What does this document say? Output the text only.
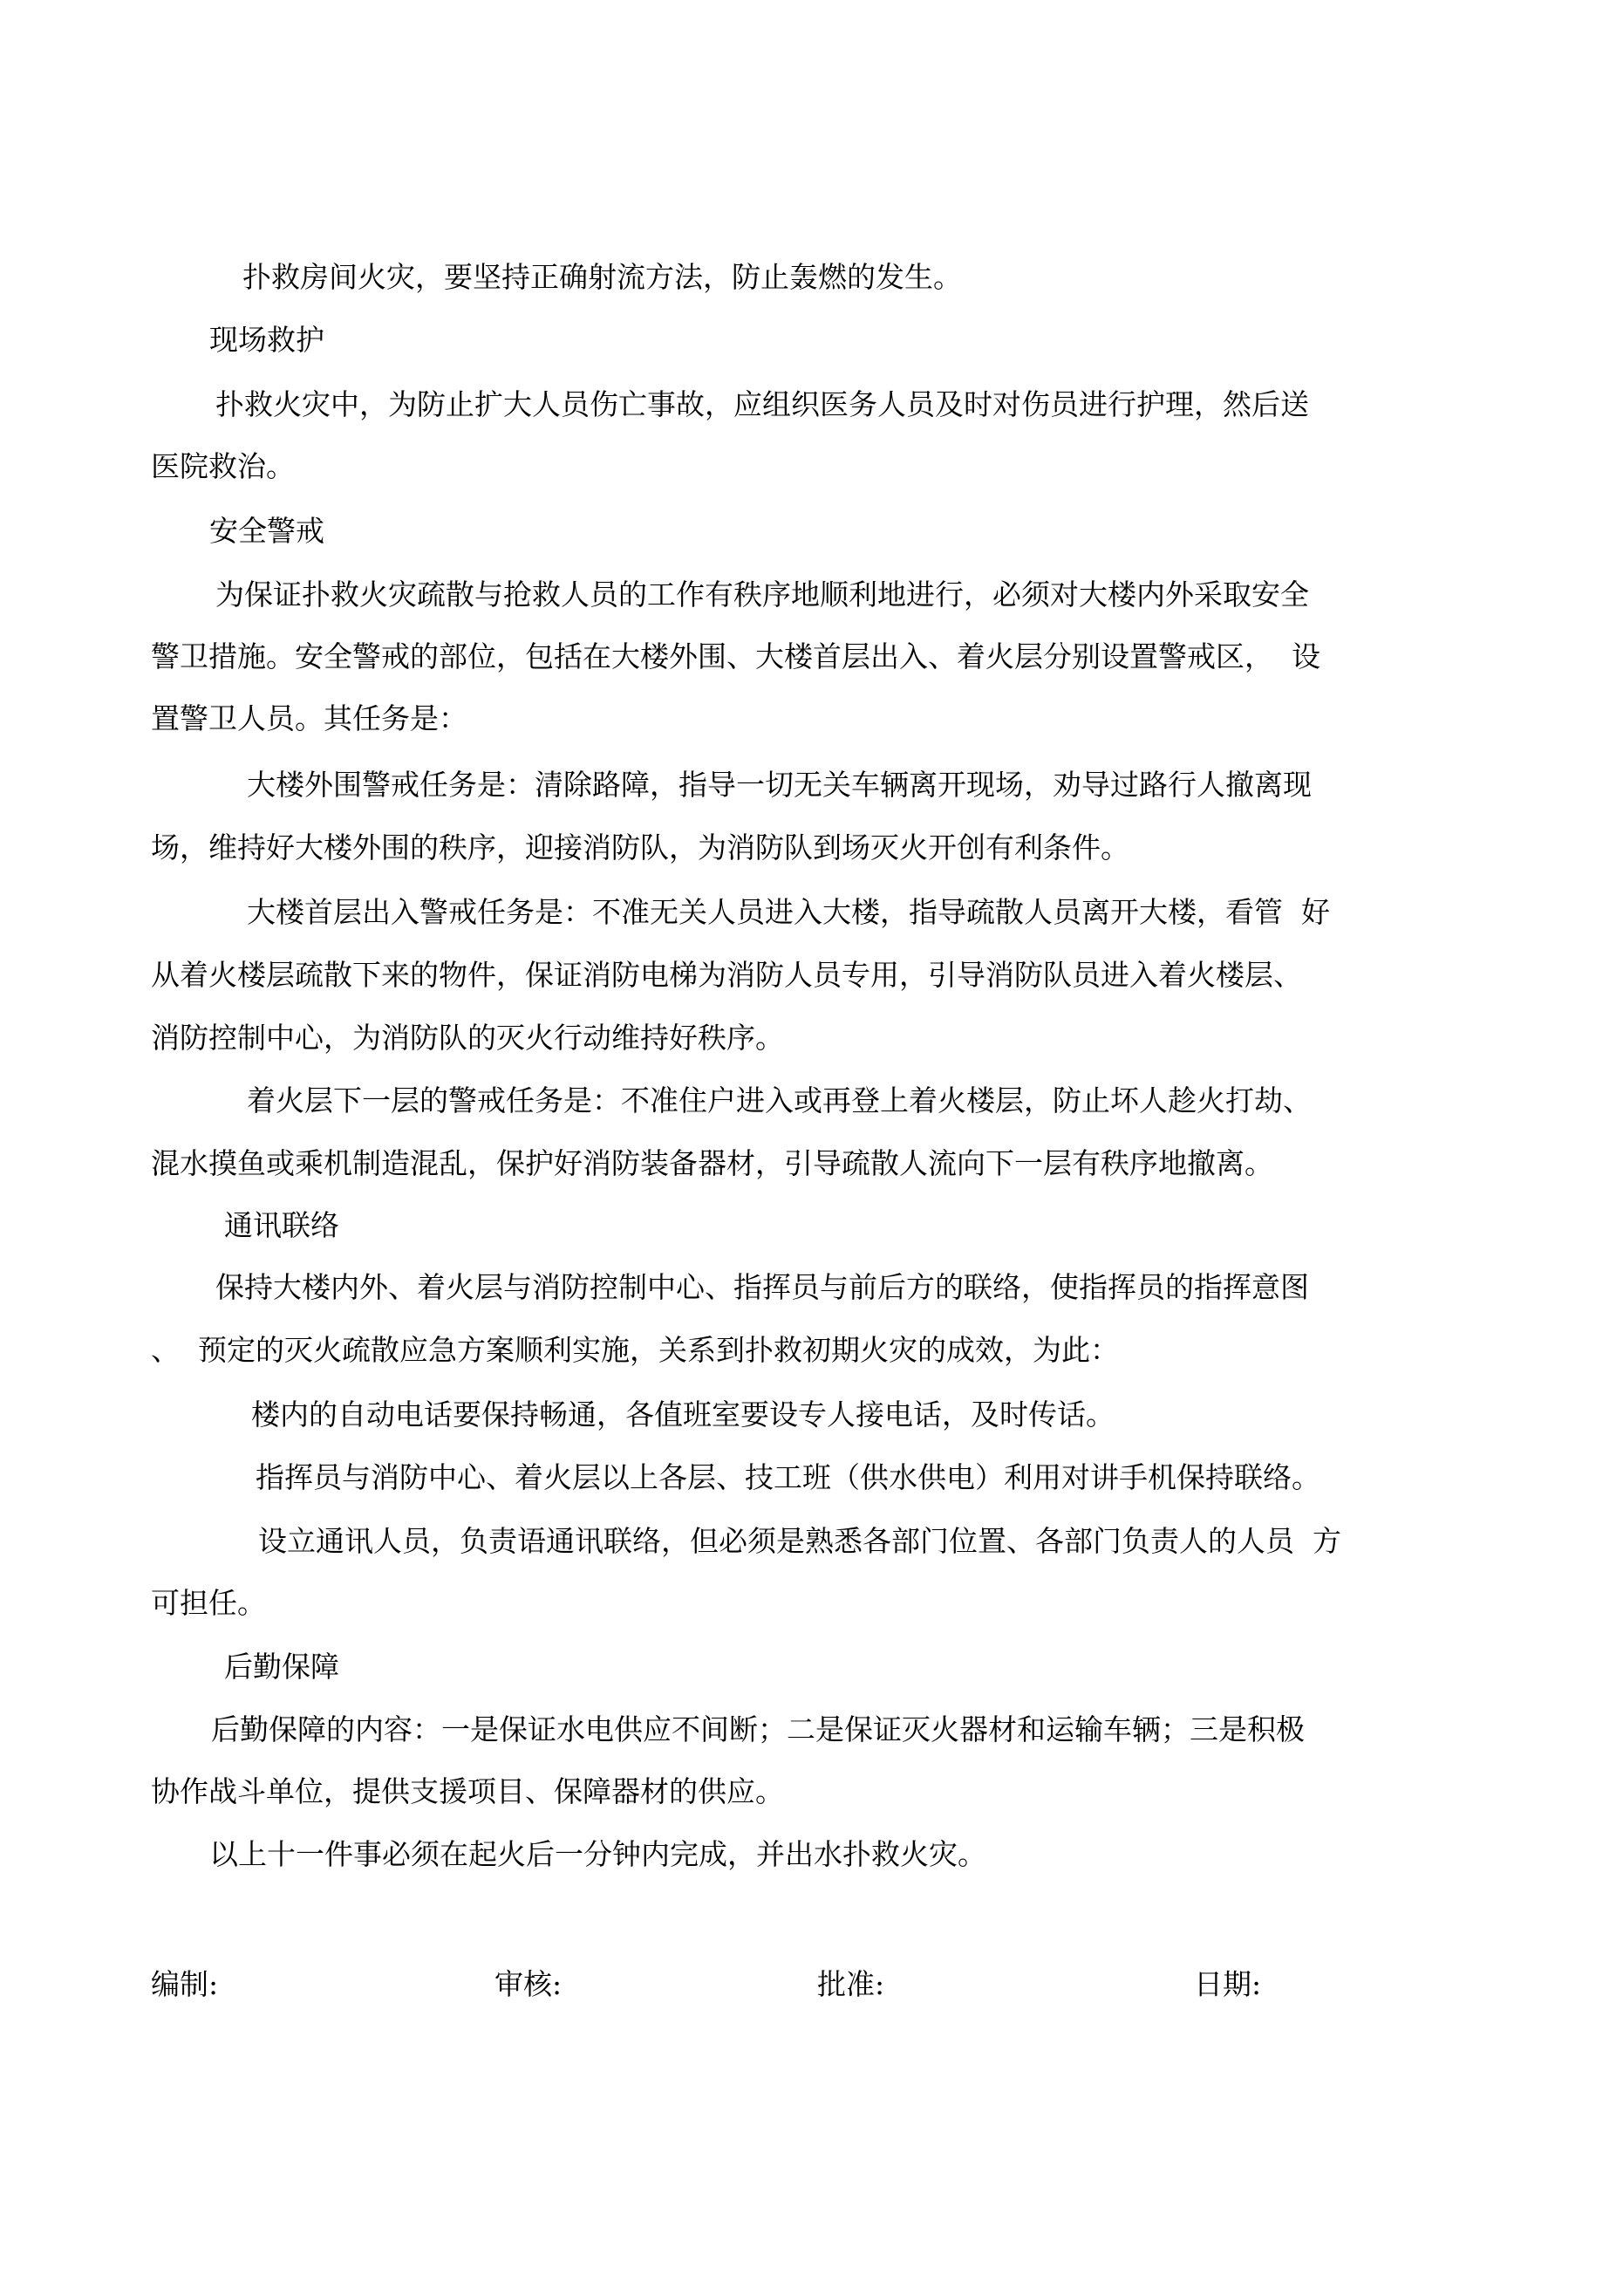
扑救房间火灾，要坚持正确射流方法，防止轰燃的发生。
现场救护
扑救火灾中，为防止扩大人员伤亡事故，应组织医务人员及时对伤员进行护理，然后送
医院救治。
安全警戒
为保证扑救火灾疏散与抢救人员的工作有秩序地顺利地进行，必须对大楼内外采取安全
警卫措施。安全警戒的部位，包括在大楼外围、大楼首层出入、着火层分别设置警戒区，  设
置警卫人员。其任务是：
大楼外围警戒任务是：清除路障，指导一切无关车辆离开现场，劝导过路行人撤离现
场，维持好大楼外围的秩序，迎接消防队，为消防队到场灭火开创有利条件。
大楼首层出入警戒任务是：不准无关人员进入大楼，指导疏散人员离开大楼，看管  好
从着火楼层疏散下来的物件，保证消防电梯为消防人员专用，引导消防队员进入着火楼层、
消防控制中心，为消防队的灭火行动维持好秩序。
着火层下一层的警戒任务是：不准住户进入或再登上着火楼层，防止坏人趁火打劫、
混水摸鱼或乘机制造混乱，保护好消防装备器材，引导疏散人流向下一层有秩序地撤离。
通讯联络
保持大楼内外、着火层与消防控制中心、指挥员与前后方的联络，使指挥员的指挥意图
、  预定的灭火疏散应急方案顺利实施，关系到扑救初期火灾的成效，为此：
楼内的自动电话要保持畅通，各值班室要设专人接电话，及时传话。
指挥员与消防中心、着火层以上各层、技工班（供水供电）利用对讲手机保持联络。
设立通讯人员，负责语通讯联络，但必须是熟悉各部门位置、各部门负责人的人员  方
可担任。
后勤保障
后勤保障的内容：一是保证水电供应不间断；二是保证灭火器材和运输车辆；三是积极
协作战斗单位，提供支援项目、保障器材的供应。
以上十一件事必须在起火后一分钟内完成，并出水扑救火灾。
编制:	审核:	批准:	日期:
